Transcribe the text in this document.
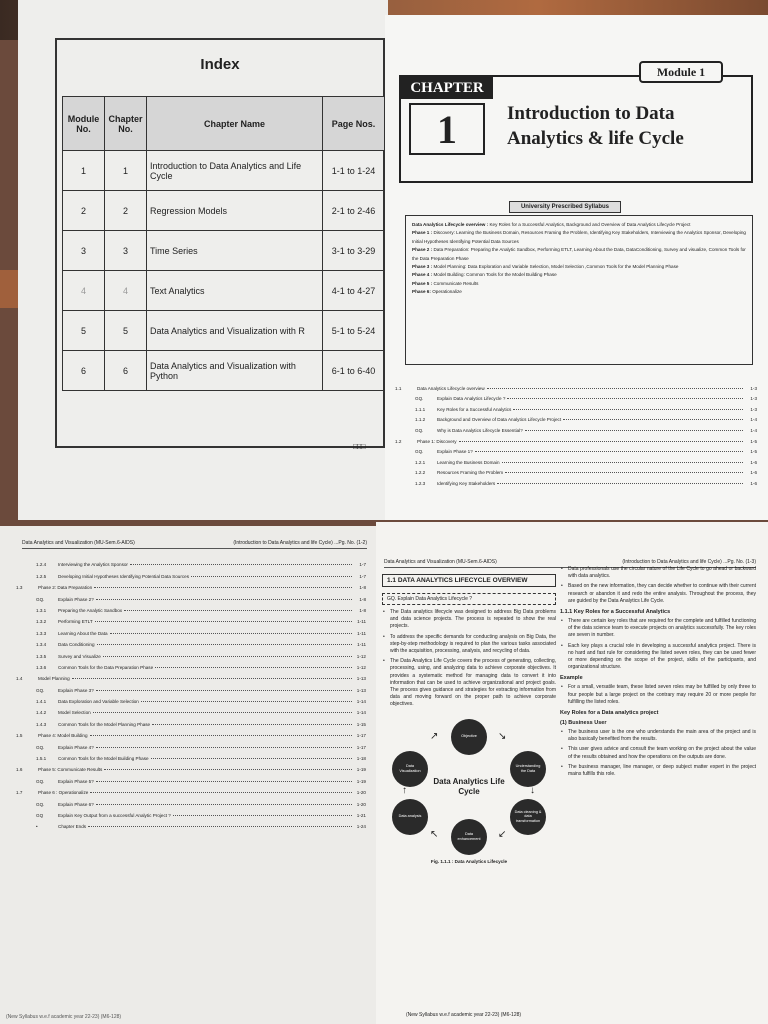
Index
Module No.	Chapter No.	Chapter Name	Page Nos.
1	1	Introduction to Data Analytics and Life Cycle	1-1 to 1-24
2	2	Regression Models	2-1 to 2-46
3	3	Time Series	3-1 to 3-29
4	4	Text Analytics	4-1 to 4-27
5	5	Data Analytics and Visualization with R	5-1 to 5-24
6	6	Data Analytics and Visualization with Python	6-1 to 6-40
□□□
CHAPTER
1	Introduction to Data Analytics & life Cycle
Module 1
University Prescribed Syllabus

Data Analytics Lifecycle overview : Key Roles for a Successful Analytics, Background and Overview of Data Analytics Lifecycle Project

Phase 1 : Discovery: Learning the Business Domain, Resources Framing the Problem, Identifying Key Stakeholders, Interviewing the Analytics Sponsor, Developing Initial Hypotheses Identifying Potential Data Sources

Phase 2 : Data Preparation: Preparing the Analytic Sandbox, Performing ETLT, Learning About the Data, DataConditioning, Survey and visualize, Common Tools for the Data Preparation Phase

Phase 3 : Model Planning: Data Exploration and Variable Selection, Model Selection ,Common Tools for the Model Planning Phase

Phase 4 : Model Building: Common Tools for the Model Building Phase

Phase 5 : Communicate Results

Phase 6: Operationalize

1.1	Data Analytics Lifecycle overview	1-3
GQ.	Explain Data Analytics Lifecycle ?	1-3
1.1.1	Key Roles for a Successful Analytics	1-3
1.1.2	Background and Overview of Data Analytics Lifecycle Project	1-4
GQ.	Why is Data Analytics Lifecycle Essential?	1-4
1.2	Phase 1: Discovery	1-5
GQ.	Explain Phase 1?	1-5
1.2.1	Learning the Business Domain	1-6
1.2.2	Resources Framing the Problem	1-6
1.2.3	Identifying Key Stakeholders	1-6
Data Analytics and Visualization (MU-Sem.6-AIDS)	(Introduction to Data Analytics and life Cycle) ...Pg. No. (1-2)
1.2.4	Interviewing the Analytics Sponsor	1-7
1.2.5	Developing Initial Hypotheses Identifying Potential Data Sources	1-7
1.3	Phase 2: Data Preparation	1-8
GQ.	Explain Phase 2?	1-8
1.3.1	Preparing the Analytic Sandbox	1-8
1.3.2	Performing ETLT	1-11
1.3.3	Learning About the Data	1-11
1.3.4	Data Conditioning	1-11
1.3.5	Survey and Visualize	1-12
1.3.6	Common Tools for the Data Preparation Phase	1-12
1.4	Model Planning	1-13
GQ.	Explain Phase 3?	1-13
1.4.1	Data Exploration and Variable Selection	1-14
1.4.2	Model Selection	1-14
1.4.3	Common Tools for the Model Planning Phase	1-15
1.5	Phase 4: Model Building	1-17
GQ.	Explain Phase 4?	1-17
1.5.1	Common Tools for the Model Building Phase	1-18
1.6	Phase 5: Communicate Results	1-19
GQ.	Explain Phase 5?	1-19
1.7	Phase 6 : Operationalize	1-20
GQ.	Explain Phase 6?	1-20
GQ	Explain Key Output from a successful Analytic Project ?	1-21
•	Chapter Ends	1-24
(New Syllabus w.e.f academic year 22-23) (M6-128)
Data Analytics and Visualization (MU-Sem.6-AIDS)	(Introduction to Data Analytics and life Cycle) ...Pg. No. (1-3)
1.1 DATA ANALYTICS LIFECYCLE OVERVIEW
GQ. Explain Data Analytics Lifecycle ?
• The Data analytics lifecycle was designed to address Big Data problems and data science projects. The process is repeated to show the real projects.
• To address the specific demands for conducting analysis on Big Data, the step-by-step methodology is required to plan the various tasks associated with the acquisition, processing, analysis, and recycling of data.
• The Data Analytics Life Cycle covers the process of generating, collecting, processing, using, and analyzing data to achieve corporate objectives. It provides a systematic method for managing data to convert it into information that can be used to achieve organizational and project goals. The process gives guidance and strategies for extracting information from data and moving forward on the proper path to achieve corporate objectives.
Objective
Understanding the Data
Data cleaning & data transformation
Data enhancement
Data analysis
Data Visualization
Data Analytics Life Cycle
↗	↘
↓
↙
↖
↑
Fig. 1.1.1 : Data Analytics Lifecycle
• Data professionals use the circular nature of the Life Cycle to go ahead or backward with data analytics.
• Based on the new information, they can decide whether to continue with their current research or abandon it and redo the entire analysis. Throughout the process, they are guided by the Data Analytics Life Cycle.
1.1.1 Key Roles for a Successful Analytics
• There are certain key roles that are required for the complete and fulfilled functioning of the data science team to execute projects on analytics successfully. The key roles are seven in number.
• Each key plays a crucial role in developing a successful analytics project. There is no hard and fast rule for considering the listed seven roles, they can be used fewer or more depending on the scope of the project, skills of the participants, and organizational structure.
Example
• For a small, versatile team, these listed seven roles may be fulfilled by only three to four people but a large project on the contrary may require 20 or more people for fulfilling the listed roles.
Key Roles for a Data analytics project
(1) Business User
• The business user is the one who understands the main area of the project and is also basically benefited from the results.
• This user gives advice and consult the team working on the project about the value of the results obtained and how the operations on the outputs are done.
• The business manager, line manager, or deep subject matter expert in the project mains fulfills this role.
(New Syllabus w.e.f academic year 22-23) (M6-128)
